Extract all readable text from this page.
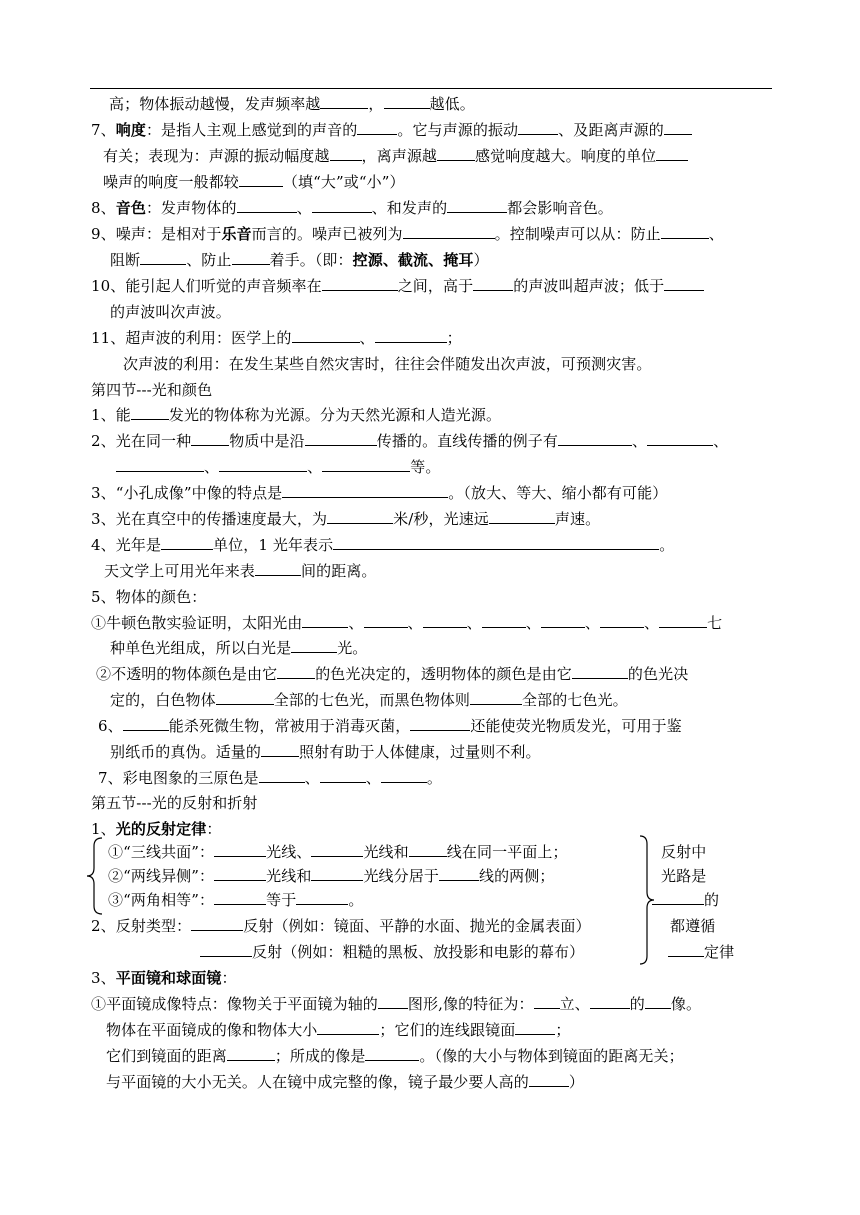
高；物体振动越慢，发声频率越	，	越低。
7、响度：是指人主观上感觉到的声音的	。它与声源的振动	、及距离声源的
有关；表现为：声源的振动幅度越 ，离声源越	感觉响度越大。响度的单位
噪声的响度一般都较	（填“大”或“小”）
8、音色：发声物体的	、	、和发声的	都会影响音色。
9、噪声：是相对于乐音而言的。噪声已被列为	。控制噪声可以从：防止	、
阻断	、防止	着手。（即：控源、截流、掩耳）
10、能引起人们听觉的声音频率在	之间，高于	的声波叫超声波；低于
的声波叫次声波。
11、超声波的利用：医学上的	、	；
次声波的利用：在发生某些自然灾害时，往往会伴随发出次声波，可预测灾害。
第四节---光和颜色
1、能	发光的物体称为光源。分为天然光源和人造光源。
2、光在同一种	物质中是沿	传播的。直线传播的例子有	、	、
、	、	等。
3、“小孔成像”中像的特点是	。（放大、等大、缩小都有可能）
3、光在真空中的传播速度最大，为	米/秒，光速远	声速。
4、光年是	单位，1 光年表示	。
天文学上可用光年来表	间的距离。
5、物体的颜色：
①牛顿色散实验证明，太阳光由	、	、	、	、	、	、	七
种单色光组成，所以白光是	光。
②不透明的物体颜色是由它	的色光决定的，透明物体的颜色是由它	的色光决
定的，白色物体	全部的七色光，而黑色物体则	全部的七色光。
6、	能杀死微生物，常被用于消毒灭菌，	还能使荧光物质发光，可用于鉴
别纸币的真伪。适量的	照射有助于人体健康，过量则不利。
7、彩电图象的三原色是	、	、	。
第五节---光的反射和折射
1、光的反射定律：
①“三线共面”：	光线、	光线和	线在同一平面上；
②“两线异侧”：	光线和	光线分居于	线的两侧；
③“两角相等”：	等于	。
反射中
光路是
的
都遵循
定律
2、反射类型：	反射（例如：镜面、平静的水面、抛光的金属表面）
反射（例如：粗糙的黑板、放投影和电影的幕布）
3、平面镜和球面镜：
①平面镜成像特点：像物关于平面镜为轴的 图形,像的特征为： 立、	的 像。
物体在平面镜成的像和物体大小	；它们的连线跟镜面	；
它们到镜面的距离	；所成的像是	。（像的大小与物体到镜面的距离无关；
与平面镜的大小无关。人在镜中成完整的像，镜子最少要人高的	）
